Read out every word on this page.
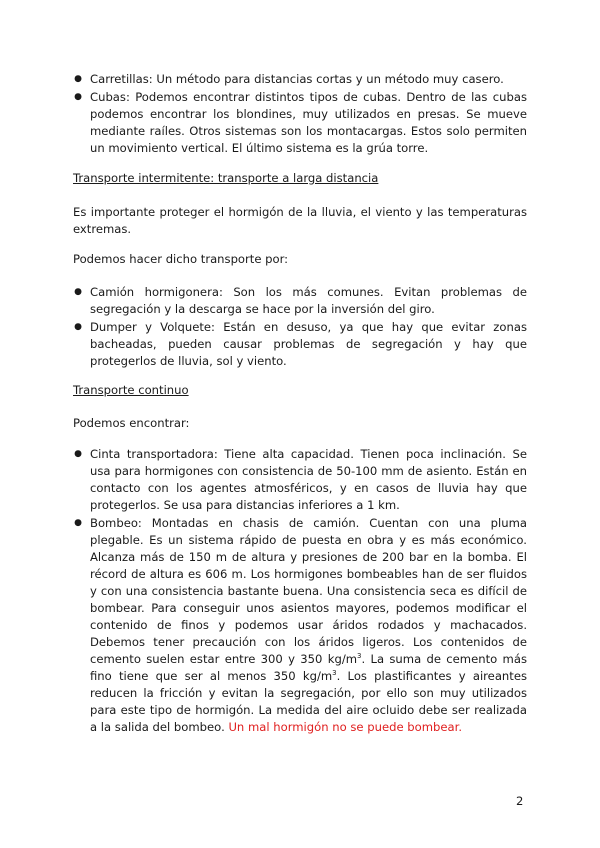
● Carretillas: Un método para distancias cortas y un método muy casero.
● Cubas: Podemos encontrar distintos tipos de cubas. Dentro de las cubas podemos encontrar los blondines, muy utilizados en presas. Se mueve mediante raíles. Otros sistemas son los montacargas. Estos solo permiten un movimiento vertical. El último sistema es la grúa torre.
Transporte intermitente: transporte a larga distancia
Es importante proteger el hormigón de la lluvia, el viento y las temperaturas extremas.
Podemos hacer dicho transporte por:
● Camión hormigonera: Son los más comunes. Evitan problemas de segregación y la descarga se hace por la inversión del giro.
● Dumper y Volquete: Están en desuso, ya que hay que evitar zonas bacheadas, pueden causar problemas de segregación y hay que protegerlos de lluvia, sol y viento.
Transporte continuo
Podemos encontrar:
● Cinta transportadora: Tiene alta capacidad. Tienen poca inclinación. Se usa para hormigones con consistencia de 50-100 mm de asiento. Están en contacto con los agentes atmosféricos, y en casos de lluvia hay que protegerlos. Se usa para distancias inferiores a 1 km.
● Bombeo: Montadas en chasis de camión. Cuentan con una pluma plegable. Es un sistema rápido de puesta en obra y es más económico. Alcanza más de 150 m de altura y presiones de 200 bar en la bomba. El récord de altura es 606 m. Los hormigones bombeables han de ser fluidos y con una consistencia bastante buena. Una consistencia seca es difícil de bombear. Para conseguir unos asientos mayores, podemos modificar el contenido de finos y podemos usar áridos rodados y machacados. Debemos tener precaución con los áridos ligeros. Los contenidos de cemento suelen estar entre 300 y 350 $kg/m^3$. La suma de cemento más fino tiene que ser al menos 350 $kg/m^3$. Los plastificantes y aireantes reducen la fricción y evitan la segregación, por ello son muy utilizados para este tipo de hormigón. La medida del aire ocluido debe ser realizada a la salida del bombeo. Un mal hormigón no se puede bombear.
2
